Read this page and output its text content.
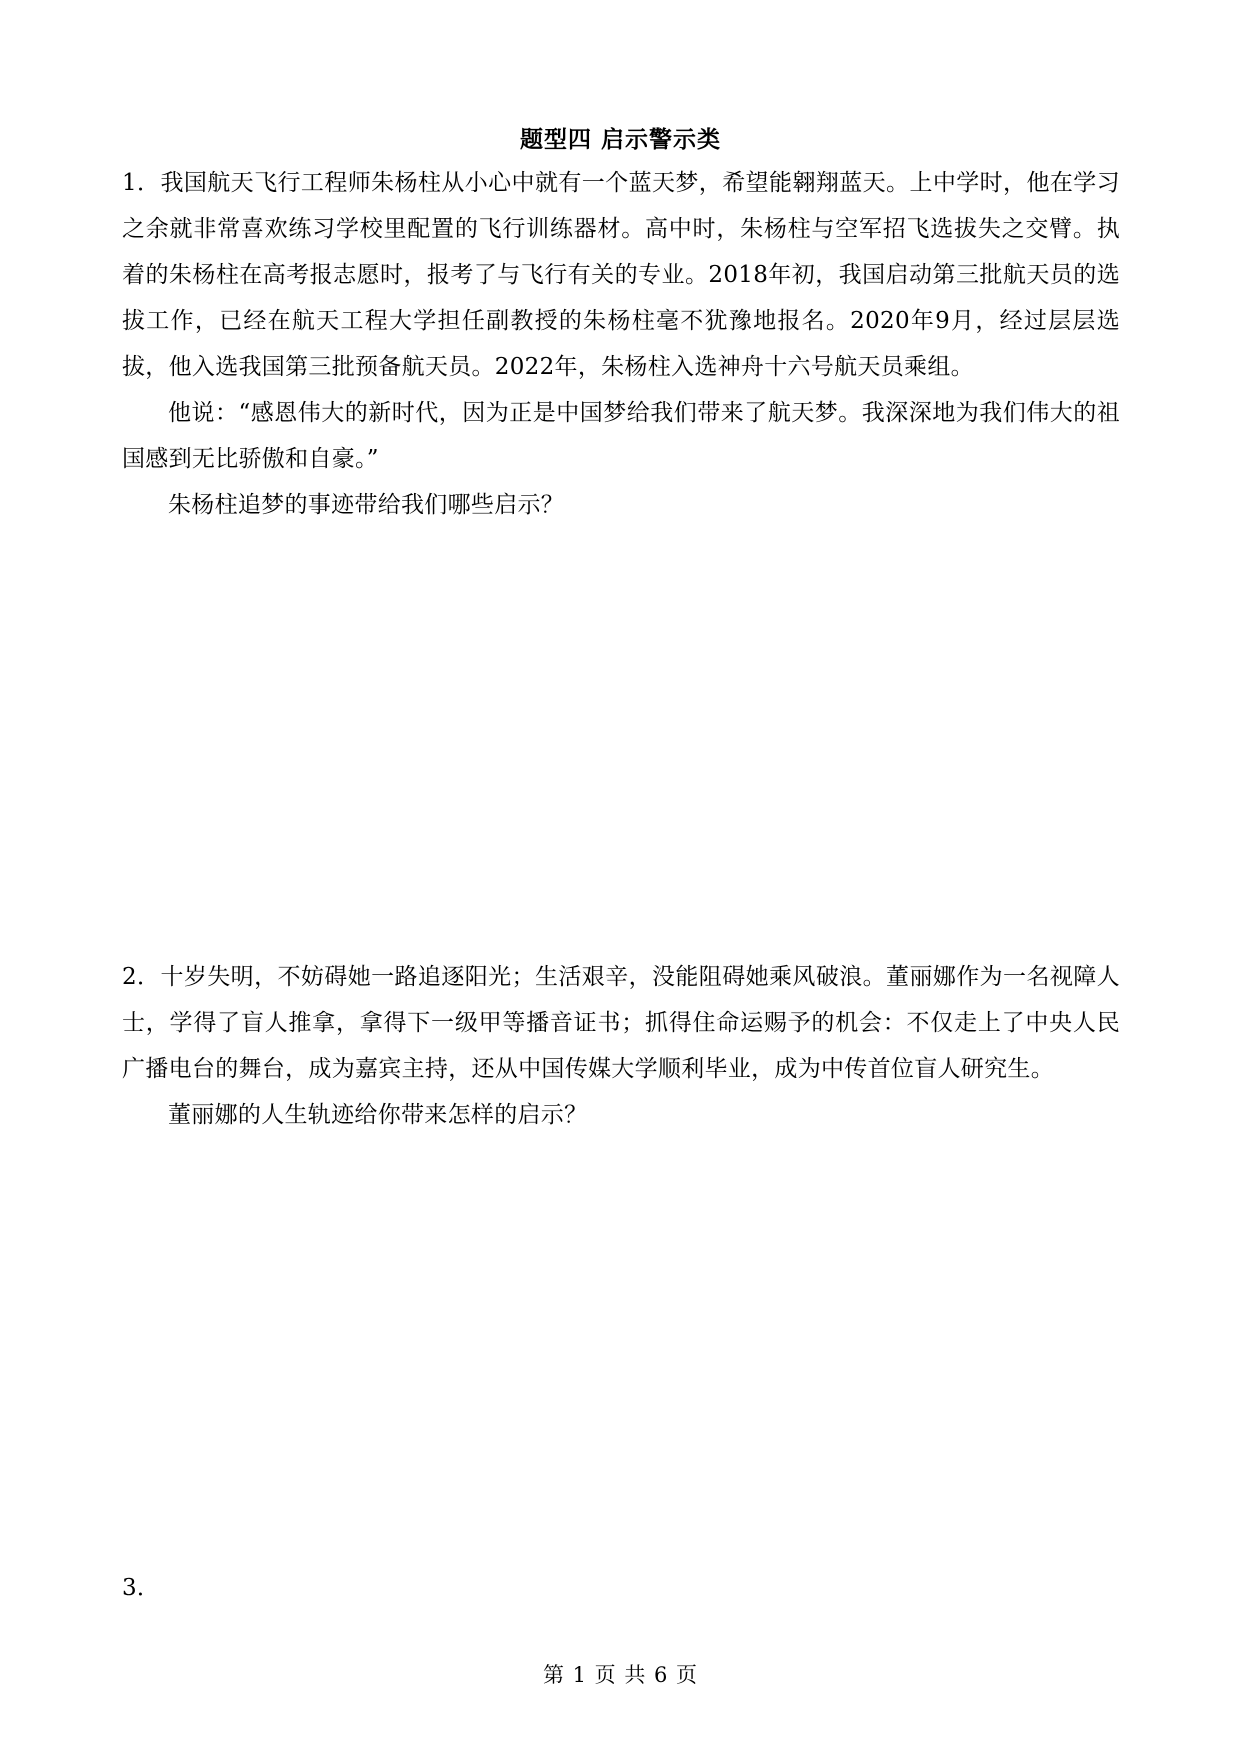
题型四 启示警示类

1．我国航天飞行工程师朱杨柱从小心中就有一个蓝天梦，希望能翱翔蓝天。上中学时，他在学习之余就非常喜欢练习学校里配置的飞行训练器材。高中时，朱杨柱与空军招飞选拔失之交臂。执着的朱杨柱在高考报志愿时，报考了与飞行有关的专业。2018年初，我国启动第三批航天员的选拔工作，已经在航天工程大学担任副教授的朱杨柱毫不犹豫地报名。2020年9月，经过层层选拔，他入选我国第三批预备航天员。2022年，朱杨柱入选神舟十六号航天员乘组。

他说：“感恩伟大的新时代，因为正是中国梦给我们带来了航天梦。我深深地为我们伟大的祖国感到无比骄傲和自豪。”

朱杨柱追梦的事迹带给我们哪些启示？

2．十岁失明，不妨碍她一路追逐阳光；生活艰辛，没能阻碍她乘风破浪。董丽娜作为一名视障人士，学得了盲人推拿，拿得下一级甲等播音证书；抓得住命运赐予的机会：不仅走上了中央人民广播电台的舞台，成为嘉宾主持，还从中国传媒大学顺利毕业，成为中传首位盲人研究生。

董丽娜的人生轨迹给你带来怎样的启示？

3．

第 1 页 共 6 页
